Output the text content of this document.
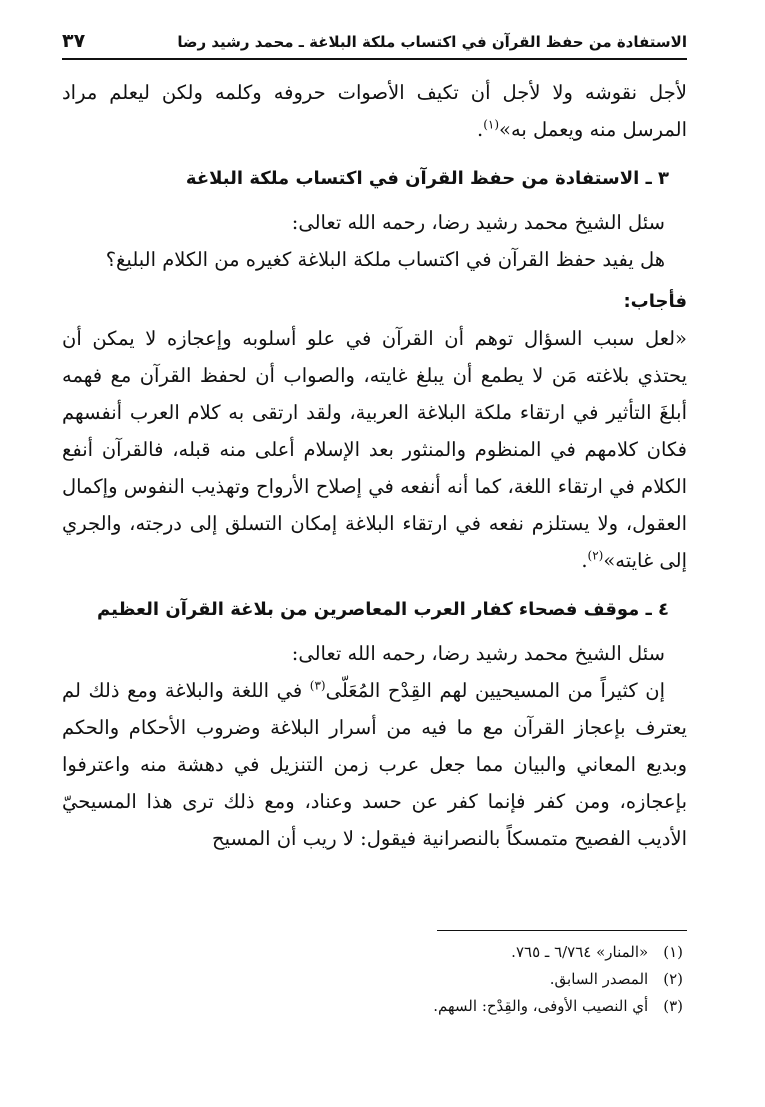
الاستفادة من حفظ القرآن في اكتساب ملكة البلاغة ـ محمد رشيد رضا
٣٧

لأجل نقوشه ولا لأجل أن تكيف الأصوات حروفه وكلمه ولكن ليعلم مراد المرسل منه ويعمل به»$^{(١)}$.

٣ ـ الاستفادة من حفظ القرآن في اكتساب ملكة البلاغة

سئل الشيخ محمد رشيد رضا، رحمه الله تعالى:

هل يفيد حفظ القرآن في اكتساب ملكة البلاغة كغيره من الكلام البليغ؟

فأجاب:

«لعل سبب السؤال توهم أن القرآن في علو أسلوبه وإعجازه لا يمكن أن يحتذي بلاغته مَن لا يطمع أن يبلغ غايته، والصواب أن لحفظ القرآن مع فهمه أبلغَ التأثير في ارتقاء ملكة البلاغة العربية، ولقد ارتقى به كلام العرب أنفسهم فكان كلامهم في المنظوم والمنثور بعد الإسلام أعلى منه قبله، فالقرآن أنفع الكلام في ارتقاء اللغة، كما أنه أنفعه في إصلاح الأرواح وتهذيب النفوس وإكمال العقول، ولا يستلزم نفعه في ارتقاء البلاغة إمكان التسلق إلى درجته، والجري إلى غايته»$^{(٢)}$.

٤ ـ موقف فصحاء كفار العرب المعاصرين من بلاغة القرآن العظيم

سئل الشيخ محمد رشيد رضا، رحمه الله تعالى:

إن كثيراً من المسيحيين لهم القِدْح المُعَلّى$^{(٣)}$ في اللغة والبلاغة ومع ذلك لم يعترف بإعجاز القرآن مع ما فيه من أسرار البلاغة وضروب الأحكام والحكم وبديع المعاني والبيان مما جعل عرب زمن التنزيل في دهشة منه واعترفوا بإعجازه، ومن كفر فإنما كفر عن حسد وعناد، ومع ذلك ترى هذا المسيحيّ الأديب الفصيح متمسكاً بالنصرانية فيقول: لا ريب أن المسيح

(١) «المنار» ٦/٧٦٤ ـ ٧٦٥.
(٢) المصدر السابق.
(٣) أي النصيب الأوفى، والقِدْح: السهم.
